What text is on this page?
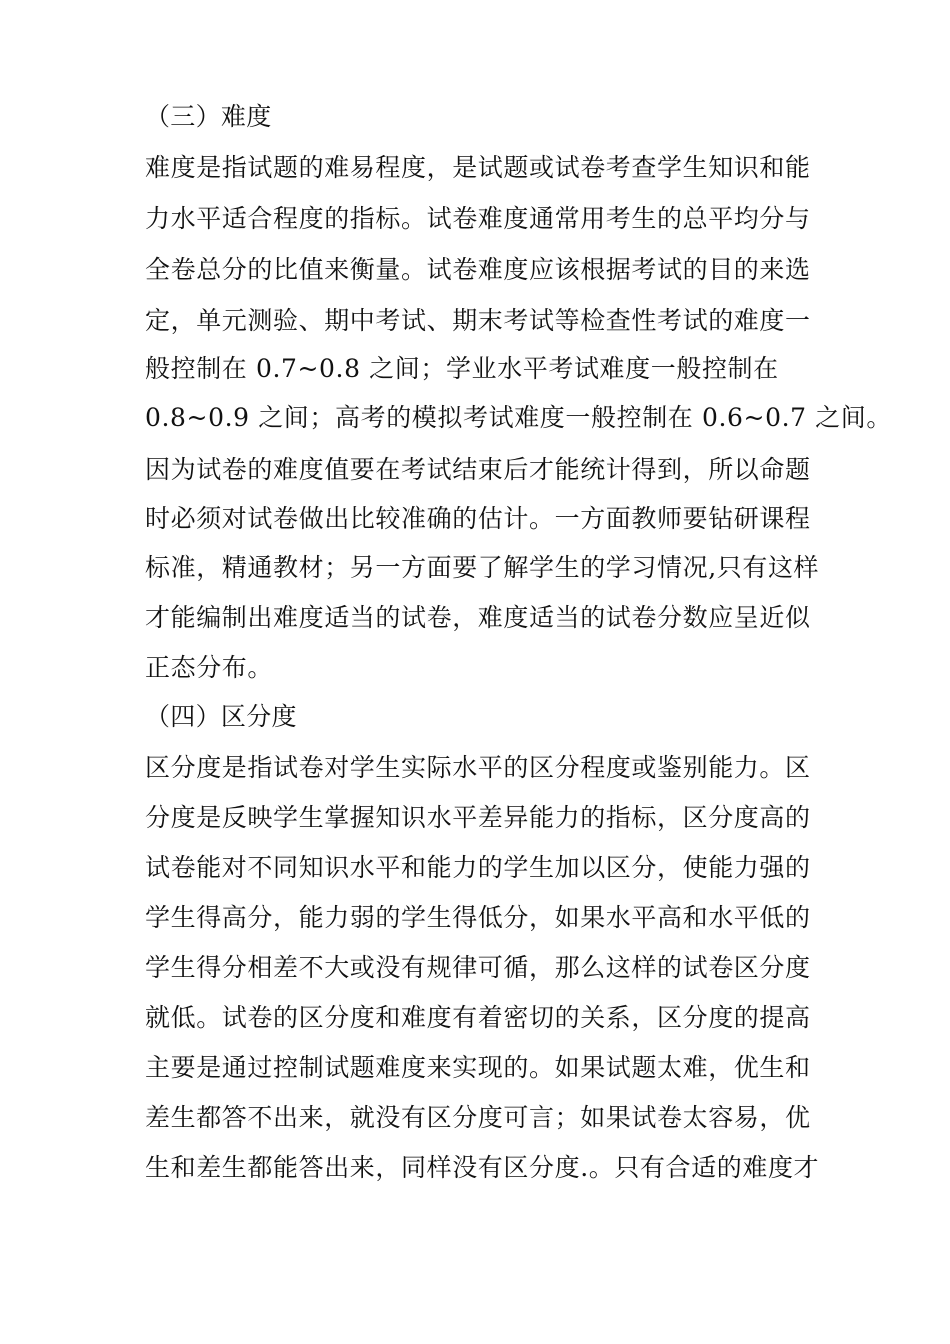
（三）难度
难度是指试题的难易程度，是试题或试卷考查学生知识和能
力水平适合程度的指标。试卷难度通常用考生的总平均分与
全卷总分的比值来衡量。试卷难度应该根据考试的目的来选
定，单元测验、期中考试、期末考试等检查性考试的难度一
般控制在 0.7~0.8 之间；学业水平考试难度一般控制在
0.8~0.9 之间；高考的模拟考试难度一般控制在 0.6~0.7 之间。
因为试卷的难度值要在考试结束后才能统计得到，所以命题
时必须对试卷做出比较准确的估计。一方面教师要钻研课程
标准，精通教材；另一方面要了解学生的学习情况,只有这样
才能编制出难度适当的试卷，难度适当的试卷分数应呈近似
正态分布。
（四）区分度
区分度是指试卷对学生实际水平的区分程度或鉴别能力。区
分度是反映学生掌握知识水平差异能力的指标，区分度高的
试卷能对不同知识水平和能力的学生加以区分，使能力强的
学生得高分，能力弱的学生得低分，如果水平高和水平低的
学生得分相差不大或没有规律可循，那么这样的试卷区分度
就低。试卷的区分度和难度有着密切的关系，区分度的提高
主要是通过控制试题难度来实现的。如果试题太难，优生和
差生都答不出来，就没有区分度可言；如果试卷太容易，优
生和差生都能答出来，同样没有区分度.。只有合适的难度才
